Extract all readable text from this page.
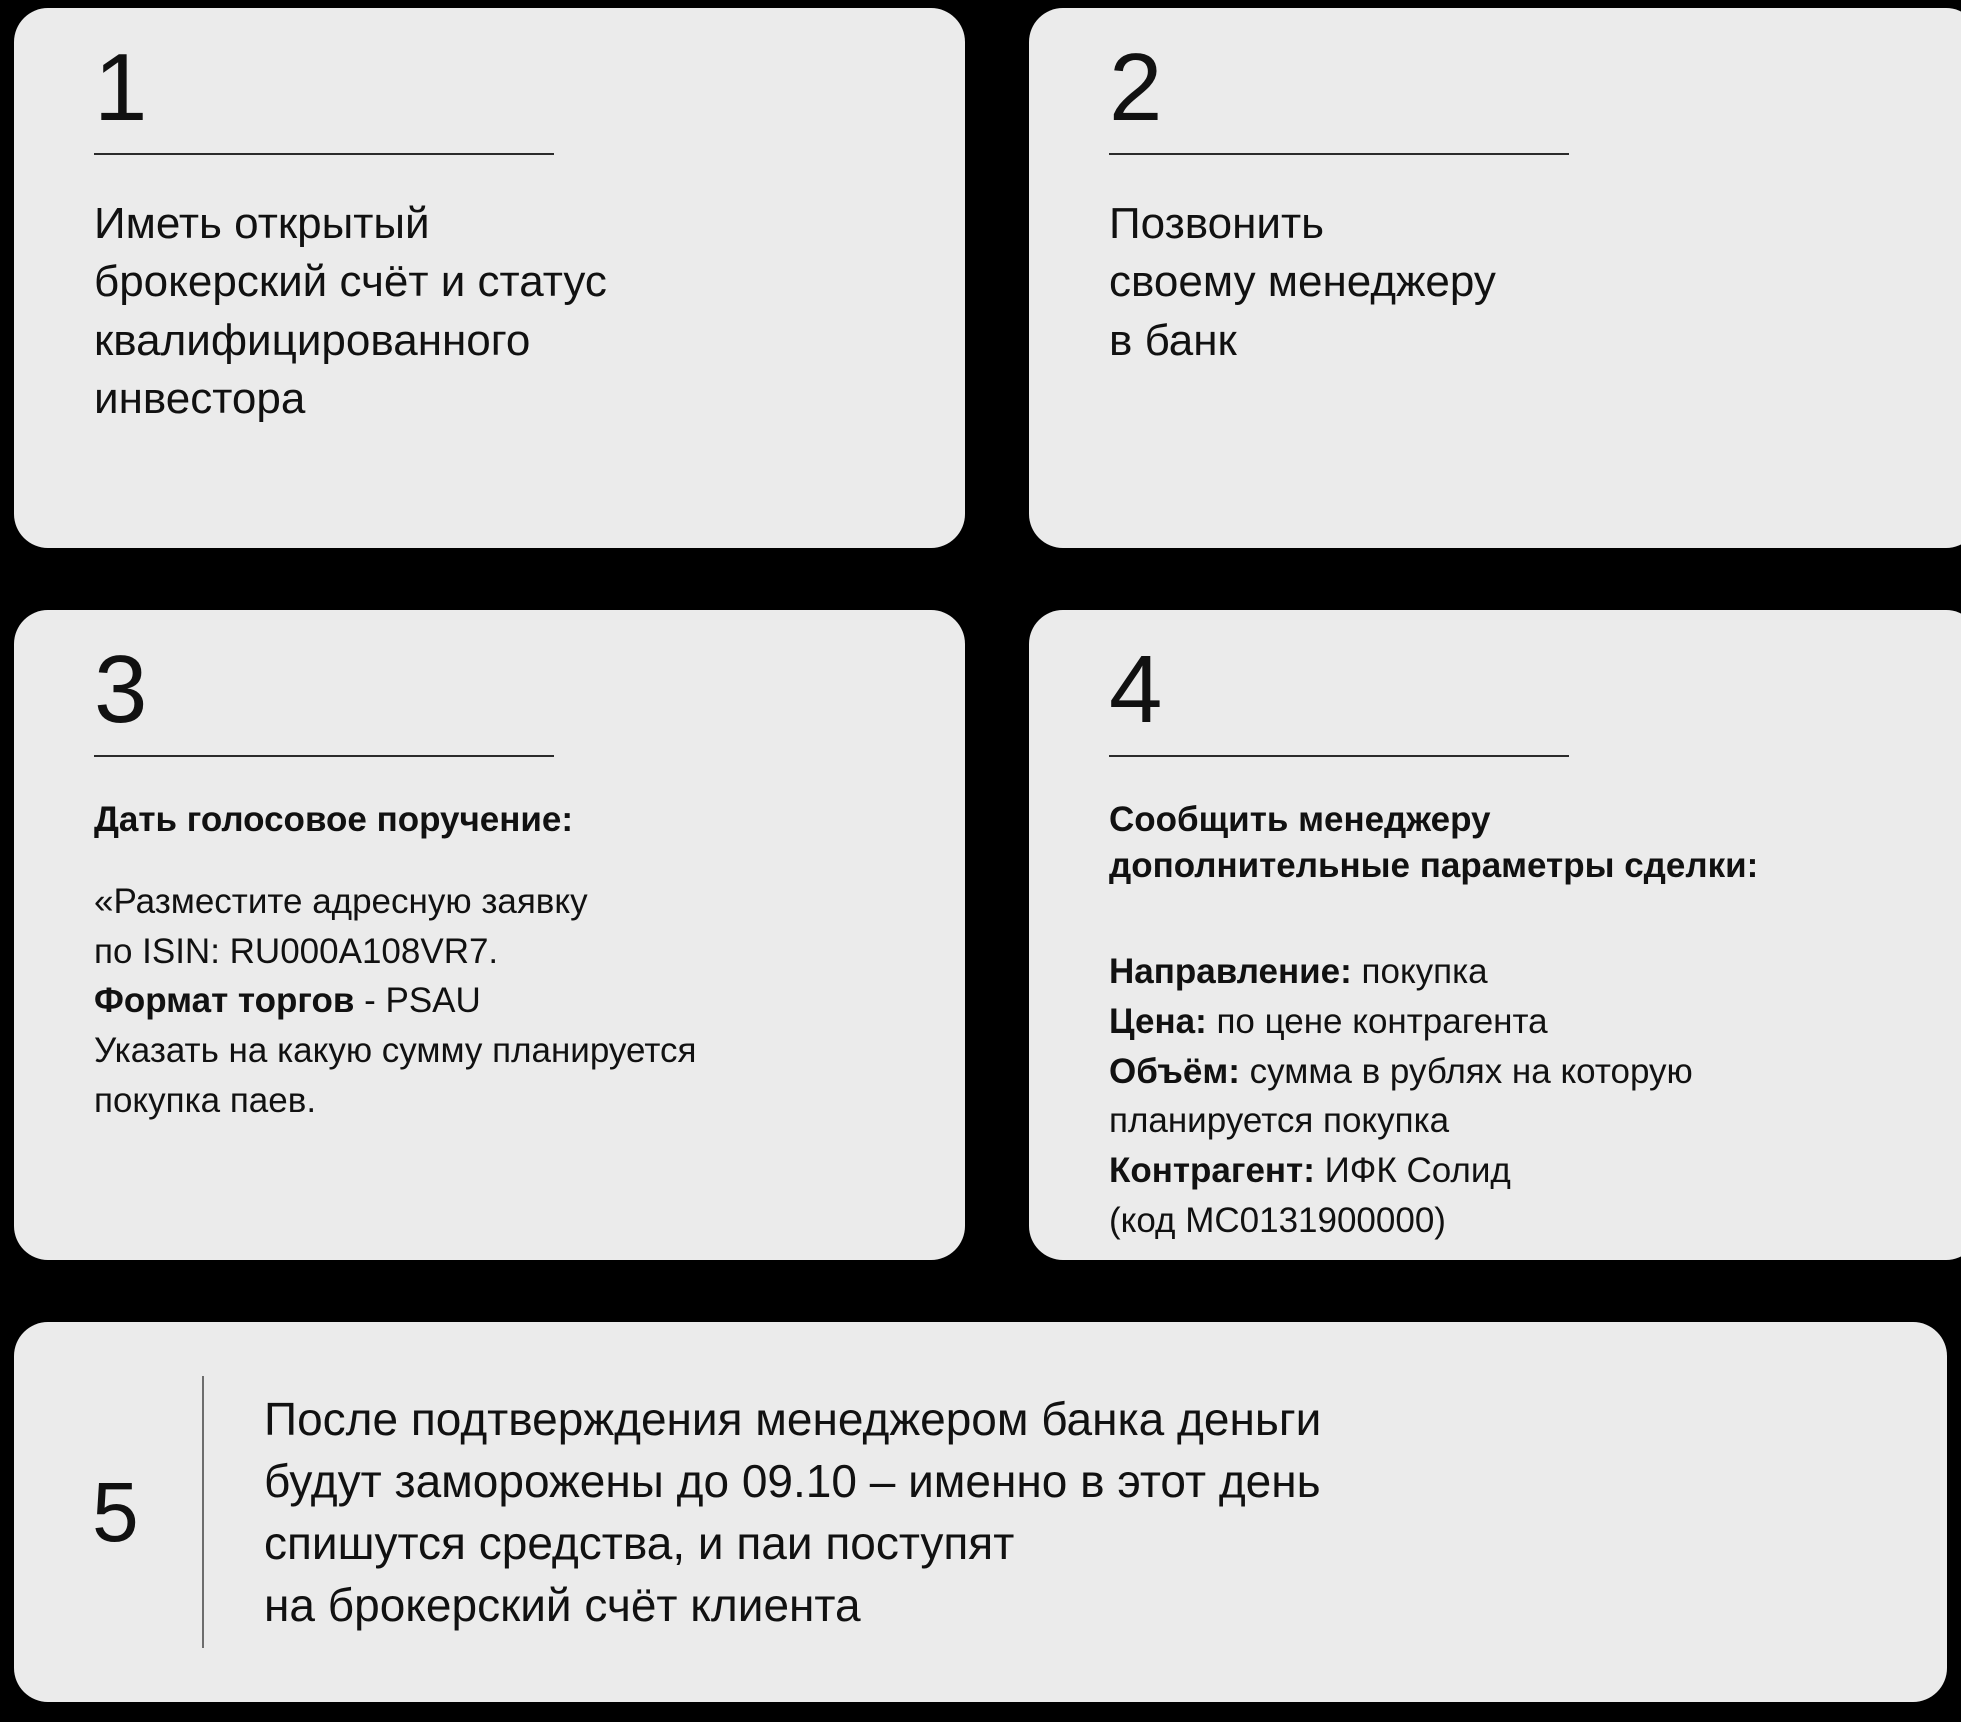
1
Иметь открытый
брокерский счёт и статус
квалифицированного
инвестора
2
Позвонить
своему менеджеру
в банк
3
Дать голосовое поручение:
«Разместите адресную заявку
по ISIN: RU000A108VR7.
Формат торгов - PSAU
Указать на какую сумму планируется
покупка паев.
4
Сообщить менеджеру
дополнительные параметры сделки:
Направление: покупка
Цена: по цене контрагента
Объём: сумма в рублях на которую
планируется покупка
Контрагент: ИФК Солид
(код MC0131900000)
5
После подтверждения менеджером банка деньги
будут заморожены до 09.10 – именно в этот день
спишутся средства, и паи поступят
на брокерский счёт клиента
